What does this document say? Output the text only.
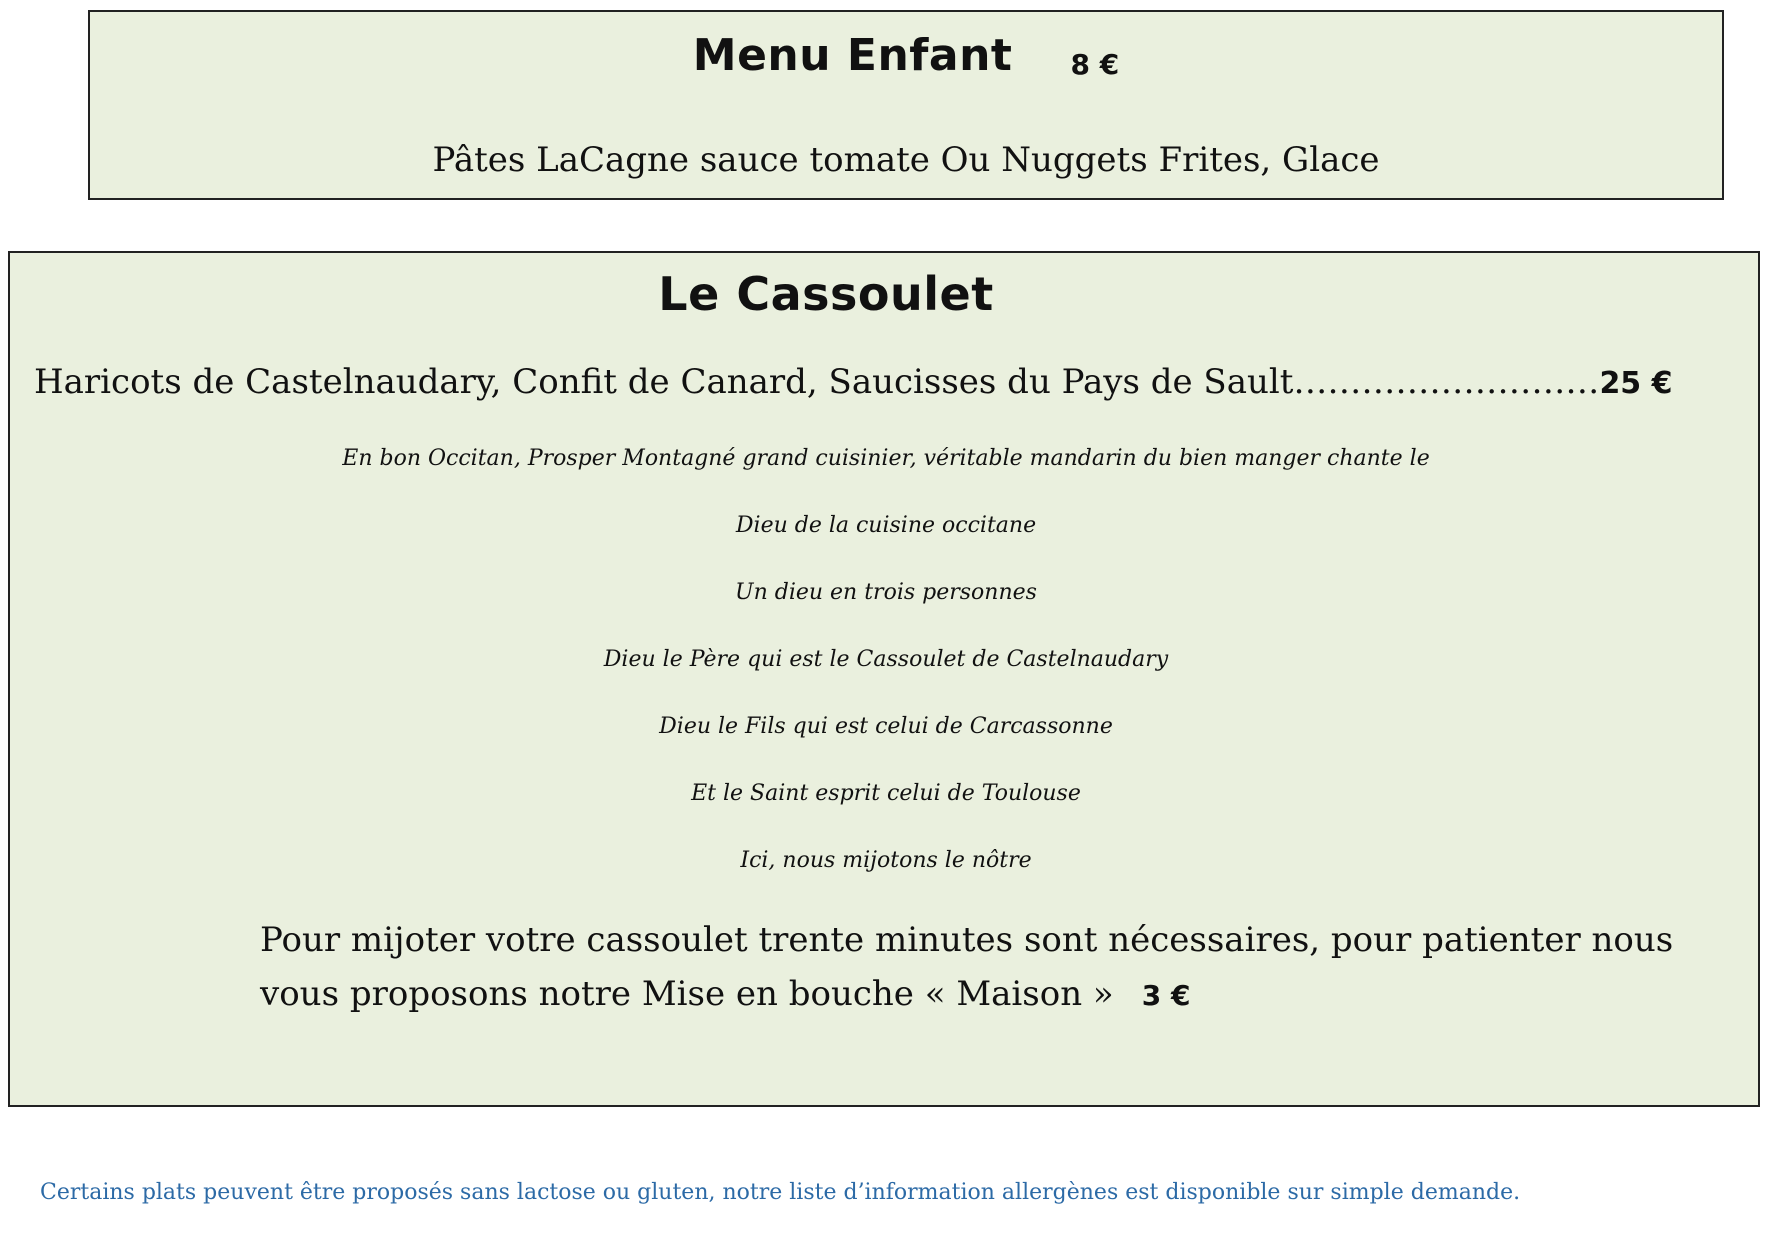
Menu Enfant 8 €
Pâtes LaCagne sauce tomate Ou Nuggets Frites, Glace
Le Cassoulet
Haricots de Castelnaudary, Confit de Canard, Saucisses du Pays de Sault………………………25 €
En bon Occitan, Prosper Montagné grand cuisinier, véritable mandarin du bien manger chante le
Dieu de la cuisine occitane
Un dieu en trois personnes
Dieu le Père qui est le Cassoulet de Castelnaudary
Dieu le Fils qui est celui de Carcassonne
Et le Saint esprit celui de Toulouse
Ici, nous mijotons le nôtre
Pour mijoter votre cassoulet trente minutes sont nécessaires, pour patienter nous vous proposons notre Mise en bouche « Maison » 3 €
Certains plats peuvent être proposés sans lactose ou gluten, notre liste d’information allergènes est disponible sur simple demande.
